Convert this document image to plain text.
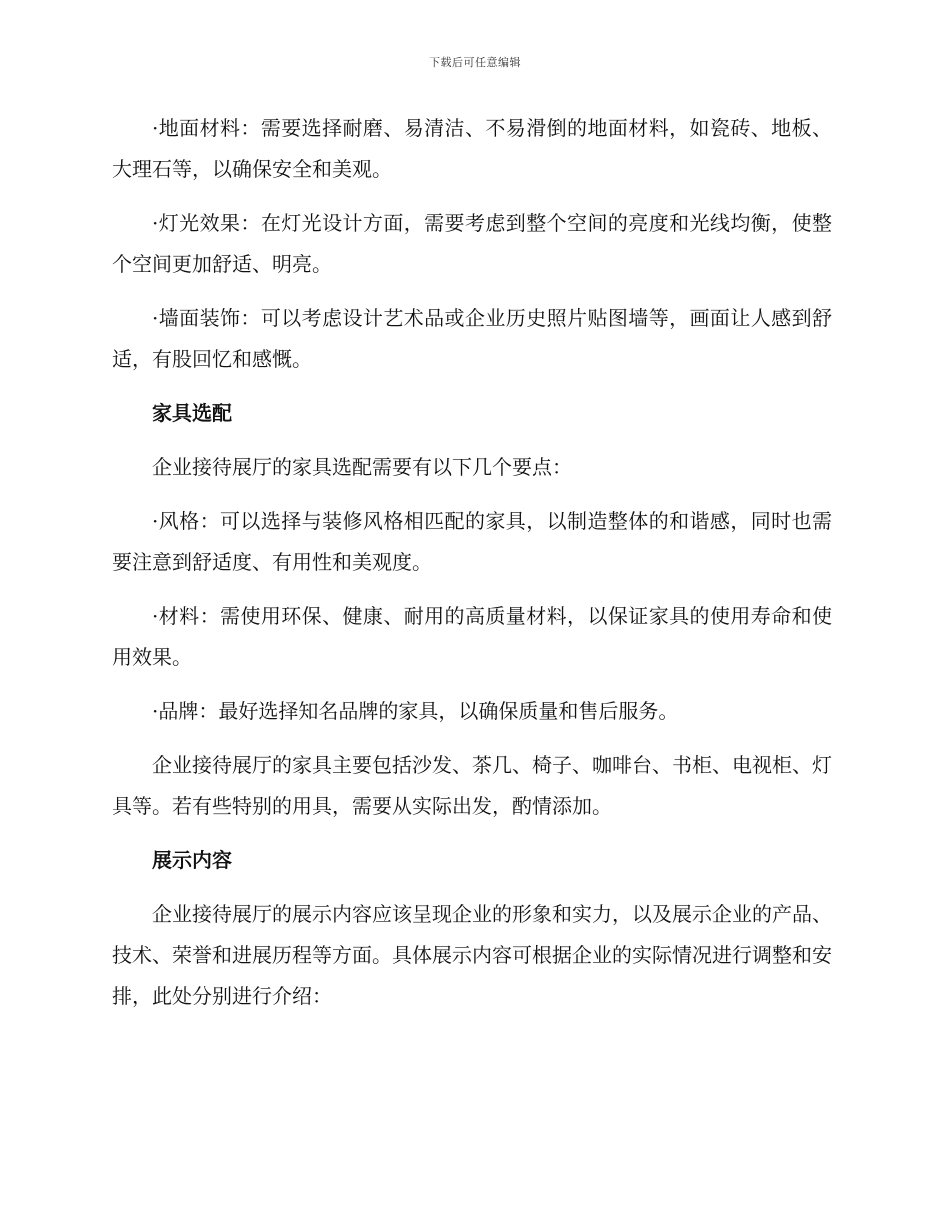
下载后可任意编辑

·地面材料：需要选择耐磨、易清洁、不易滑倒的地面材料，如瓷砖、地板、大理石等，以确保安全和美观。

·灯光效果：在灯光设计方面，需要考虑到整个空间的亮度和光线均衡，使整个空间更加舒适、明亮。

·墙面装饰：可以考虑设计艺术品或企业历史照片贴图墙等，画面让人感到舒适，有股回忆和感慨。

家具选配

企业接待展厅的家具选配需要有以下几个要点：

·风格：可以选择与装修风格相匹配的家具，以制造整体的和谐感，同时也需要注意到舒适度、有用性和美观度。

·材料：需使用环保、健康、耐用的高质量材料，以保证家具的使用寿命和使用效果。

·品牌：最好选择知名品牌的家具，以确保质量和售后服务。

企业接待展厅的家具主要包括沙发、茶几、椅子、咖啡台、书柜、电视柜、灯具等。若有些特别的用具，需要从实际出发，酌情添加。

展示内容

企业接待展厅的展示内容应该呈现企业的形象和实力，以及展示企业的产品、技术、荣誉和进展历程等方面。具体展示内容可根据企业的实际情况进行调整和安排，此处分别进行介绍：
